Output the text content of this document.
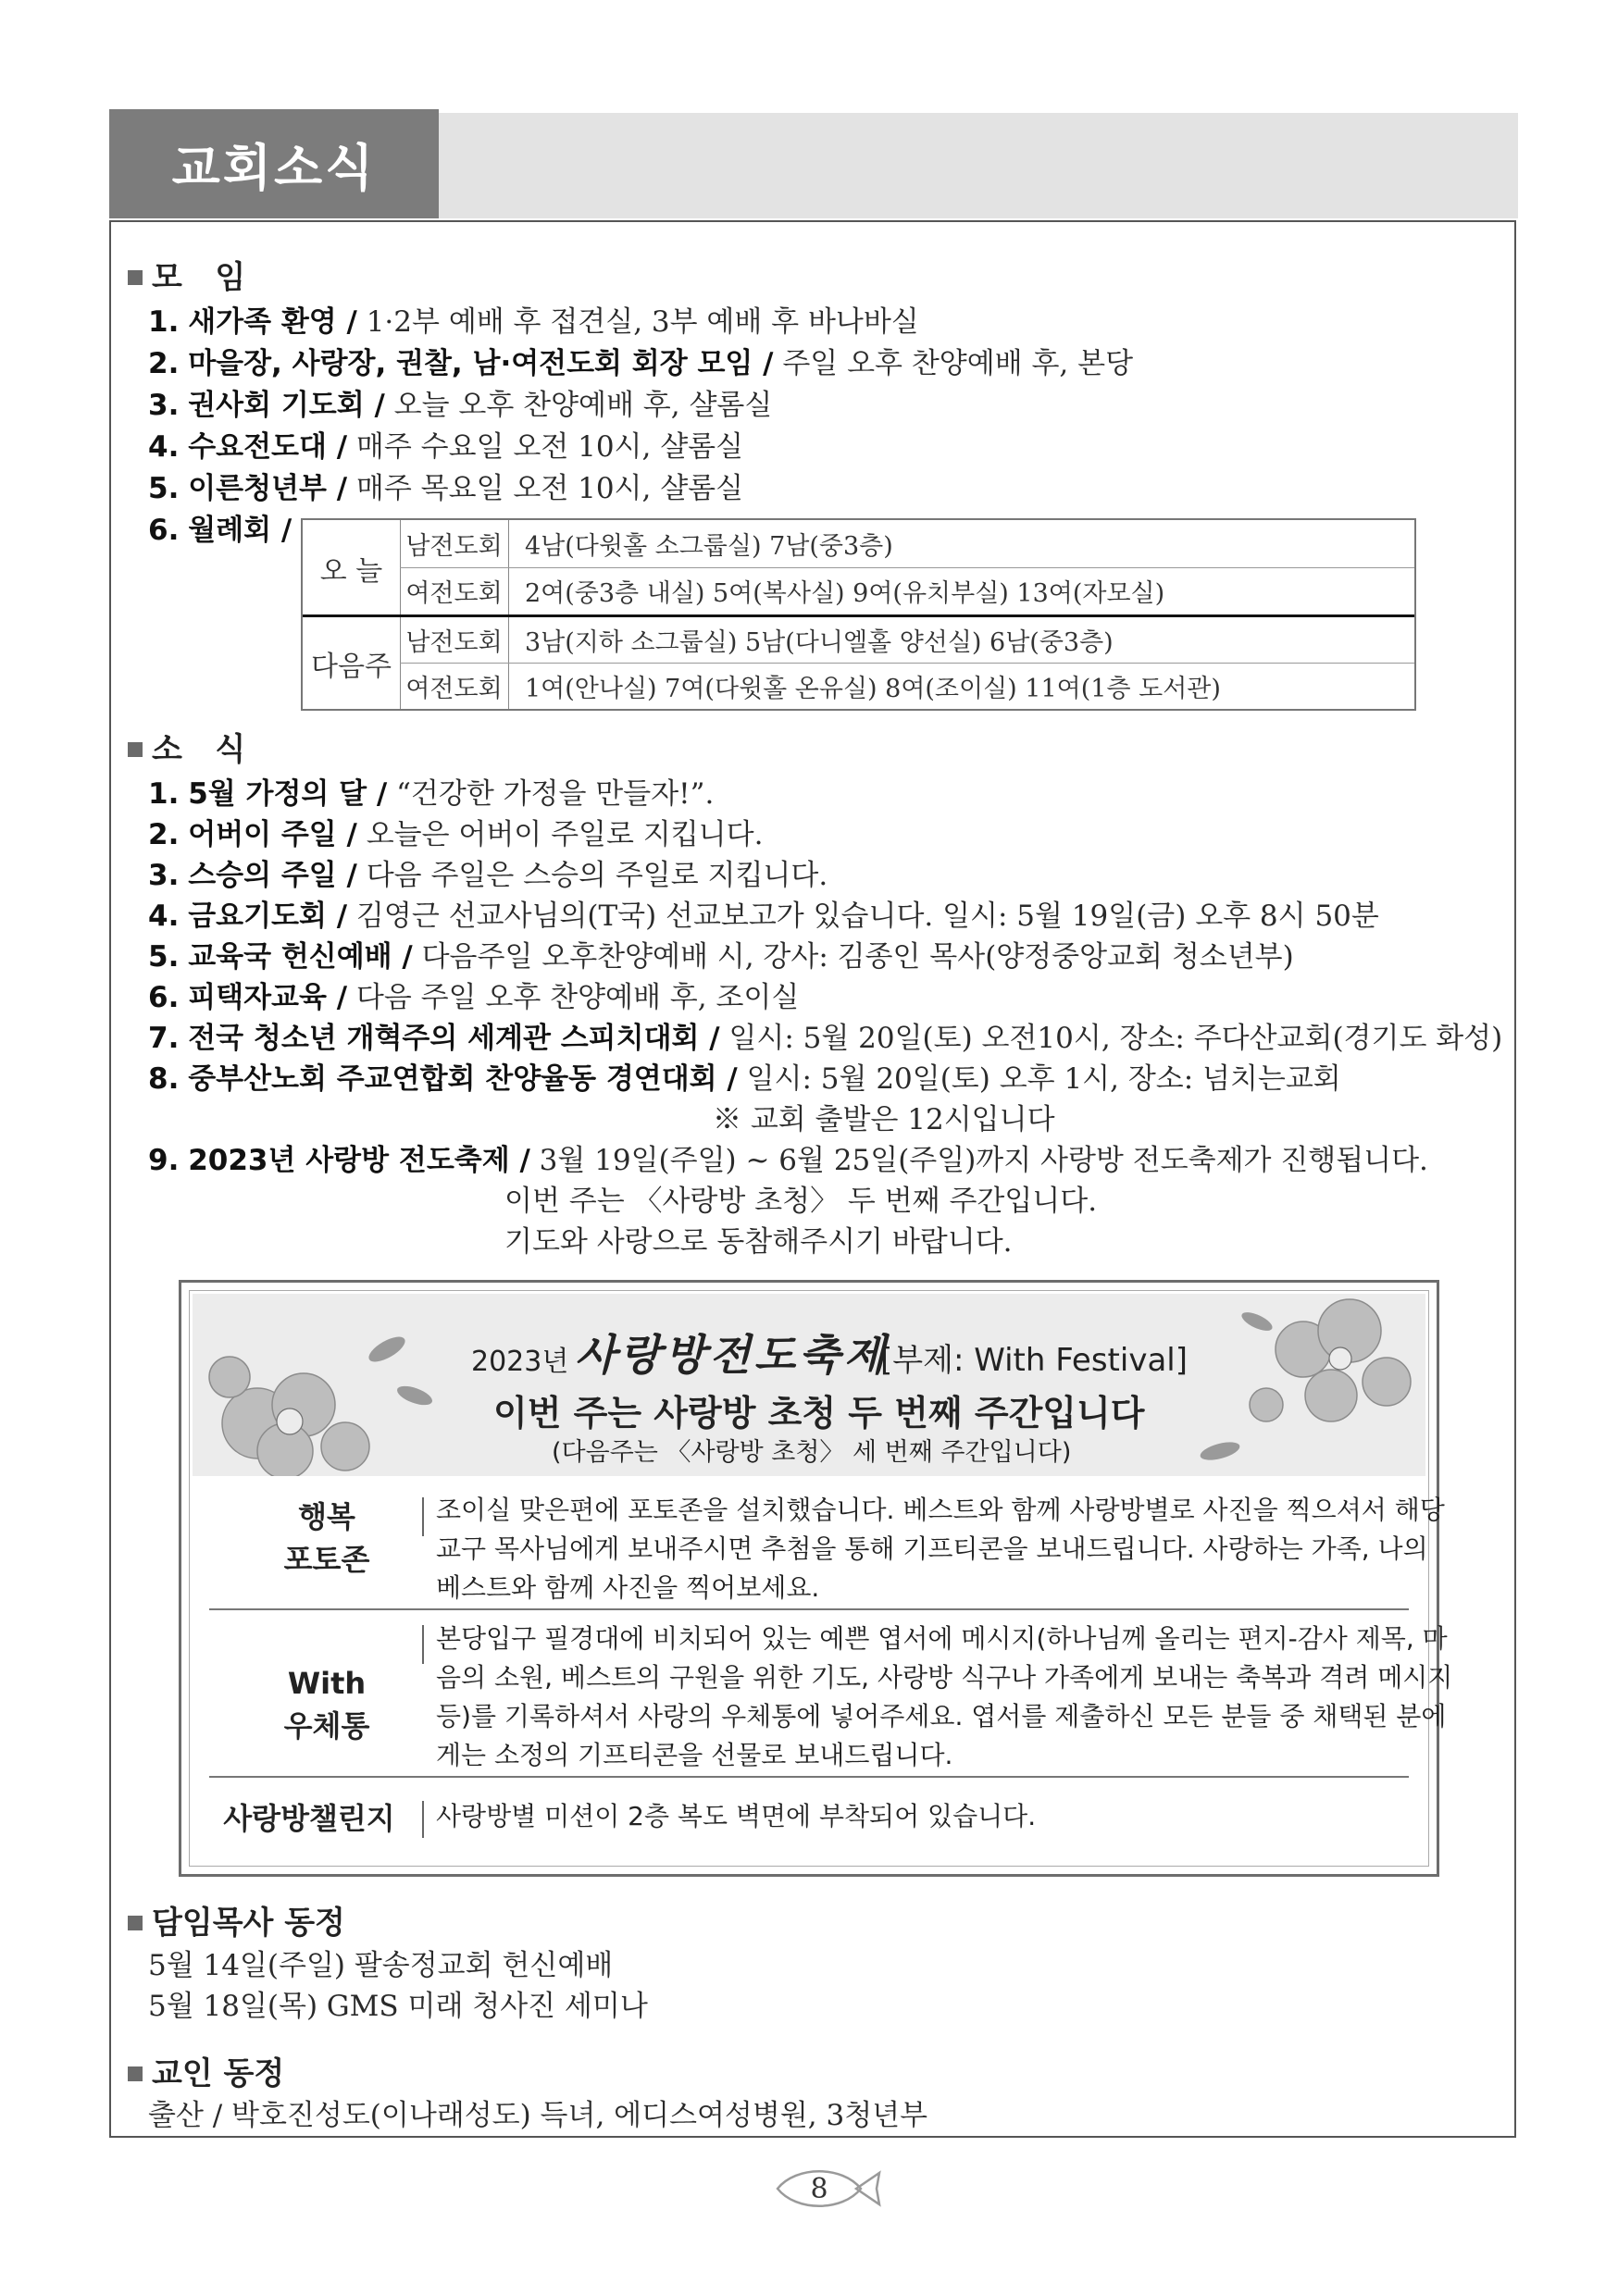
교회소식
모   임
1. 새가족 환영 / 1·2부 예배 후 접견실, 3부 예배 후 바나바실
2. 마을장, 사랑장, 권찰, 남·여전도회 회장 모임 / 주일 오후 찬양예배 후, 본당
3. 권사회 기도회 / 오늘 오후 찬양예배 후, 샬롬실
4. 수요전도대 / 매주 수요일 오전 10시, 샬롬실
5. 이른청년부 / 매주 목요일 오전 10시, 샬롬실
6. 월례회 /
오 늘
다음주
남전도회 4남(다윗홀 소그룹실) 7남(중3층)
여전도회 2여(중3층 내실) 5여(복사실) 9여(유치부실) 13여(자모실)
남전도회 3남(지하 소그룹실) 5남(다니엘홀 양선실) 6남(중3층)
여전도회 1여(안나실) 7여(다윗홀 온유실) 8여(조이실) 11여(1층 도서관)
소   식
1. 5월 가정의 달 / “건강한 가정을 만들자!”.
2. 어버이 주일 / 오늘은 어버이 주일로 지킵니다.
3. 스승의 주일 / 다음 주일은 스승의 주일로 지킵니다.
4. 금요기도회 / 김영근 선교사님의(T국) 선교보고가 있습니다. 일시: 5월 19일(금) 오후 8시 50분
5. 교육국 헌신예배 / 다음주일 오후찬양예배 시, 강사: 김종인 목사(양정중앙교회 청소년부)
6. 피택자교육 / 다음 주일 오후 찬양예배 후, 조이실
7. 전국 청소년 개혁주의 세계관 스피치대회 / 일시: 5월 20일(토) 오전10시, 장소: 주다산교회(경기도 화성)
8. 중부산노회 주교연합회 찬양율동 경연대회 / 일시: 5월 20일(토) 오후 1시, 장소: 넘치는교회
※ 교회 출발은 12시입니다
9. 2023년 사랑방 전도축제 / 3월 19일(주일) ~ 6월 25일(주일)까지 사랑방 전도축제가 진행됩니다.
이번 주는 〈사랑방 초청〉 두 번째 주간입니다.
기도와 사랑으로 동참해주시기 바랍니다.
2023년 사랑방전도축제
[부제: With Festival]
이번 주는 사랑방 초청 두 번째 주간입니다
(다음주는 〈사랑방 초청〉 세 번째 주간입니다)
행복
포토존
조이실 맞은편에 포토존을 설치했습니다. 베스트와 함께 사랑방별로 사진을 찍으셔서 해당
교구 목사님에게 보내주시면 추첨을 통해 기프티콘을 보내드립니다. 사랑하는 가족, 나의
베스트와 함께 사진을 찍어보세요.
With
우체통
본당입구 필경대에 비치되어 있는 예쁜 엽서에 메시지(하나님께 올리는 편지-감사 제목, 마
음의 소원, 베스트의 구원을 위한 기도, 사랑방 식구나 가족에게 보내는 축복과 격려 메시지
등)를 기록하셔서 사랑의 우체통에 넣어주세요. 엽서를 제출하신 모든 분들 중 채택된 분에
게는 소정의 기프티콘을 선물로 보내드립니다.
사랑방챌린지	사랑방별 미션이 2층 복도 벽면에 부착되어 있습니다.
담임목사 동정
5월 14일(주일) 팔송정교회 헌신예배
5월 18일(목) GMS 미래 청사진 세미나
교인 동정
출산 / 박호진성도(이나래성도) 득녀, 에디스여성병원, 3청년부
8
